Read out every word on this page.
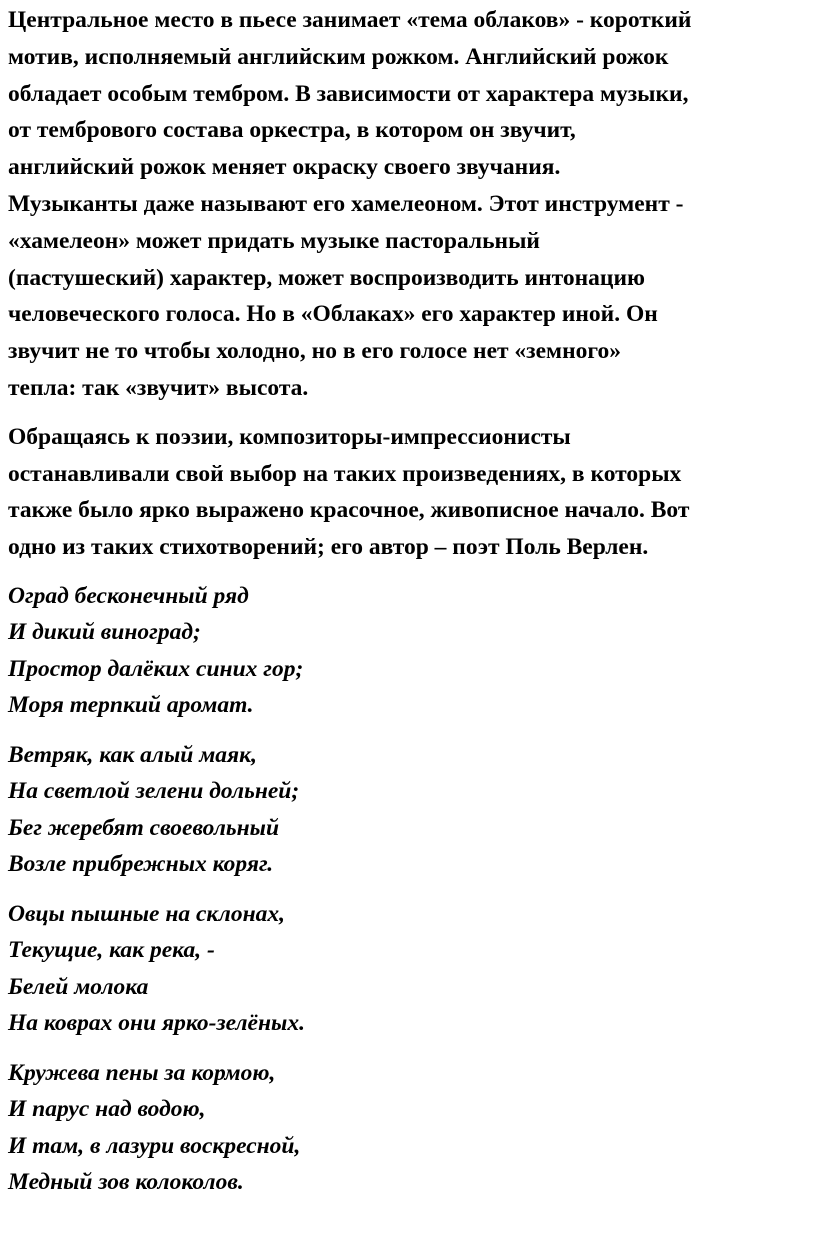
Центральное место в пьесе занимает «тема облаков» - короткий
мотив, исполняемый английским рожком. Английский рожок
обладает особым тембром. В зависимости от характера музыки,
от тембрового состава оркестра, в котором он звучит,
английский рожок меняет окраску своего звучания.
Музыканты даже называют его хамелеоном. Этот инструмент -
«хамелеон» может придать музыке пасторальный
(пастушеский) характер, может воспроизводить интонацию
человеческого голоса. Но в «Облаках» его характер иной. Он
звучит не то чтобы холодно, но в его голосе нет «земного»
тепла: так «звучит» высота.

Обращаясь к поэзии, композиторы-импрессионисты
останавливали свой выбор на таких произведениях, в которых
также было ярко выражено красочное, живописное начало. Вот
одно из таких стихотворений; его автор – поэт Поль Верлен.

Оград бесконечный ряд
И дикий виноград;
Простор далёких синих гор;
Моря терпкий аромат.
Ветряк, как алый маяк,
На светлой зелени дольней;
Бег жеребят своевольный
Возле прибрежных коряг.
Овцы пышные на склонах,
Текущие, как река, -
Белей молока
На коврах они ярко-зелёных.
Кружева пены за кормою,
И парус над водою,
И там, в лазури воскресной,
Медный зов колоколов.
